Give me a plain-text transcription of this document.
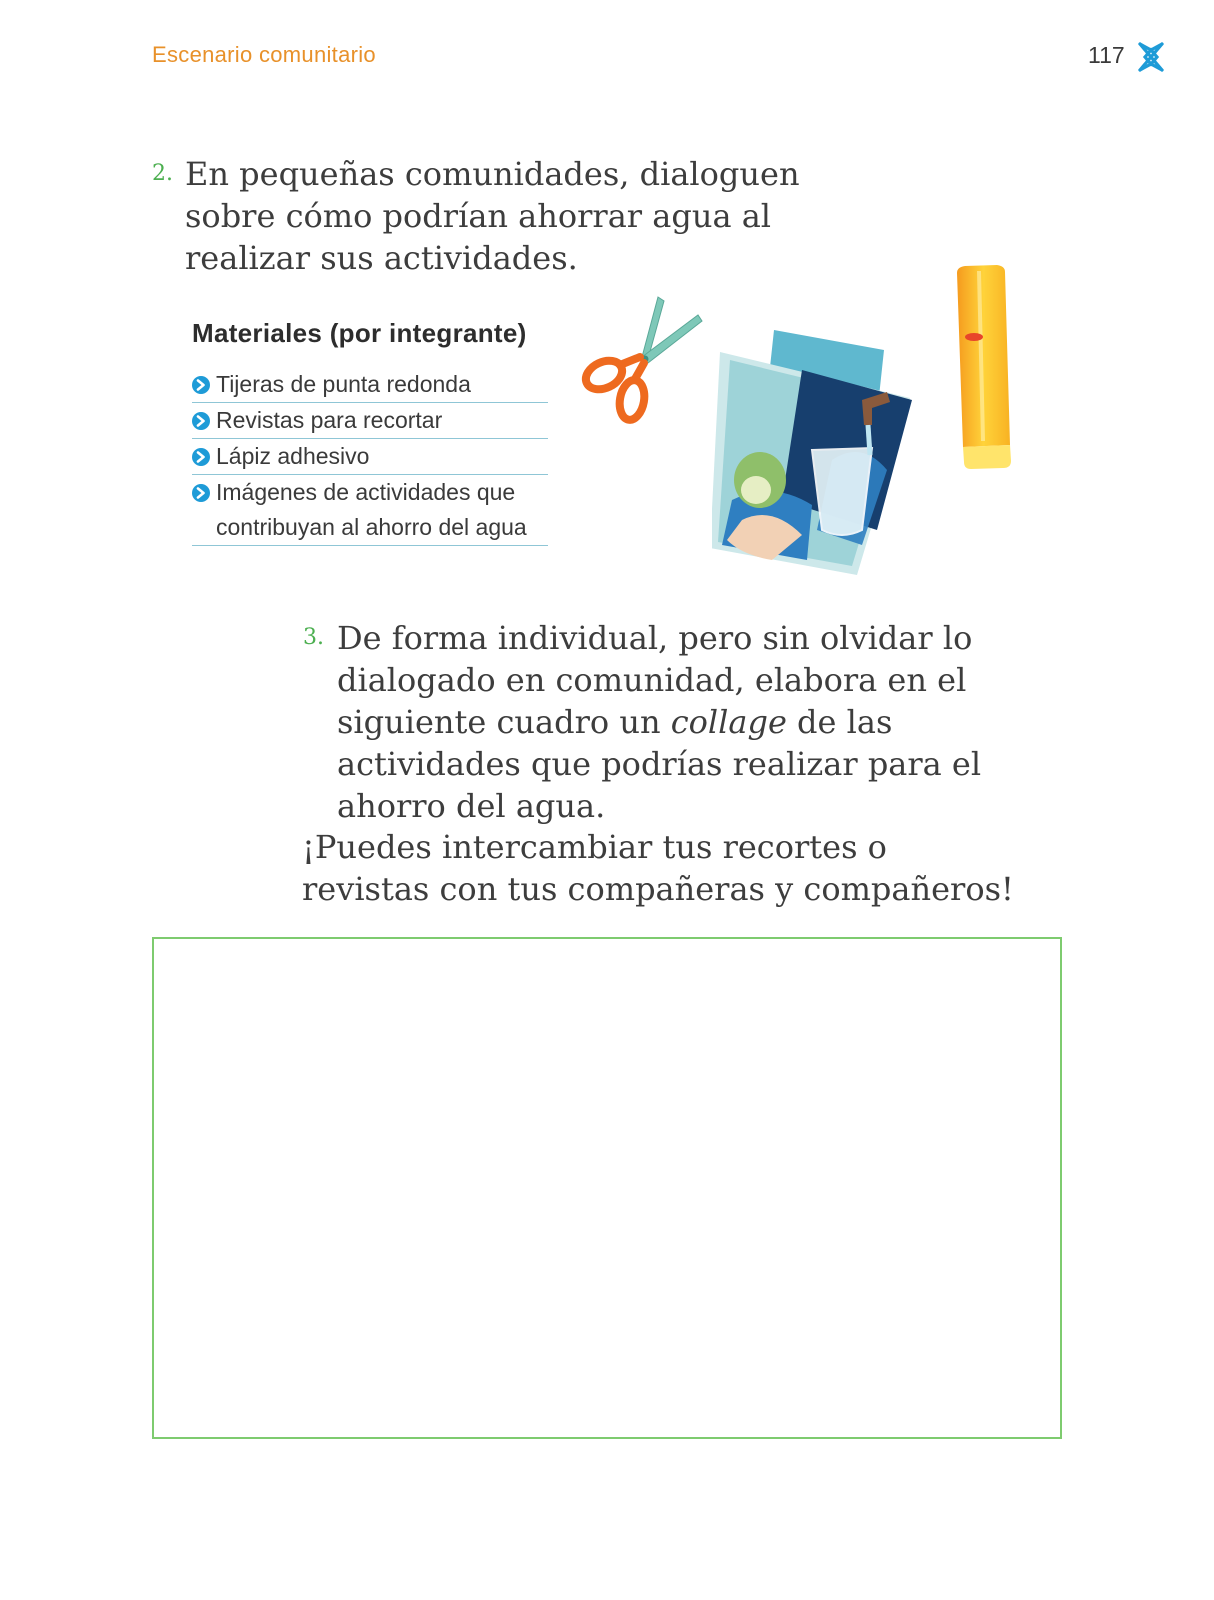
Escenario comunitario	117
2. En pequeñas comunidades, dialoguen sobre cómo podrían ahorrar agua al realizar sus actividades.
Materiales (por integrante)
Tijeras de punta redonda
Revistas para recortar
Lápiz adhesivo
Imágenes de actividades que contribuyan al ahorro del agua
3. De forma individual, pero sin olvidar lo dialogado en comunidad, elabora en el siguiente cuadro un collage de las actividades que podrías realizar para el ahorro del agua.
¡Puedes intercambiar tus recortes o revistas con tus compañeras y compañeros!
